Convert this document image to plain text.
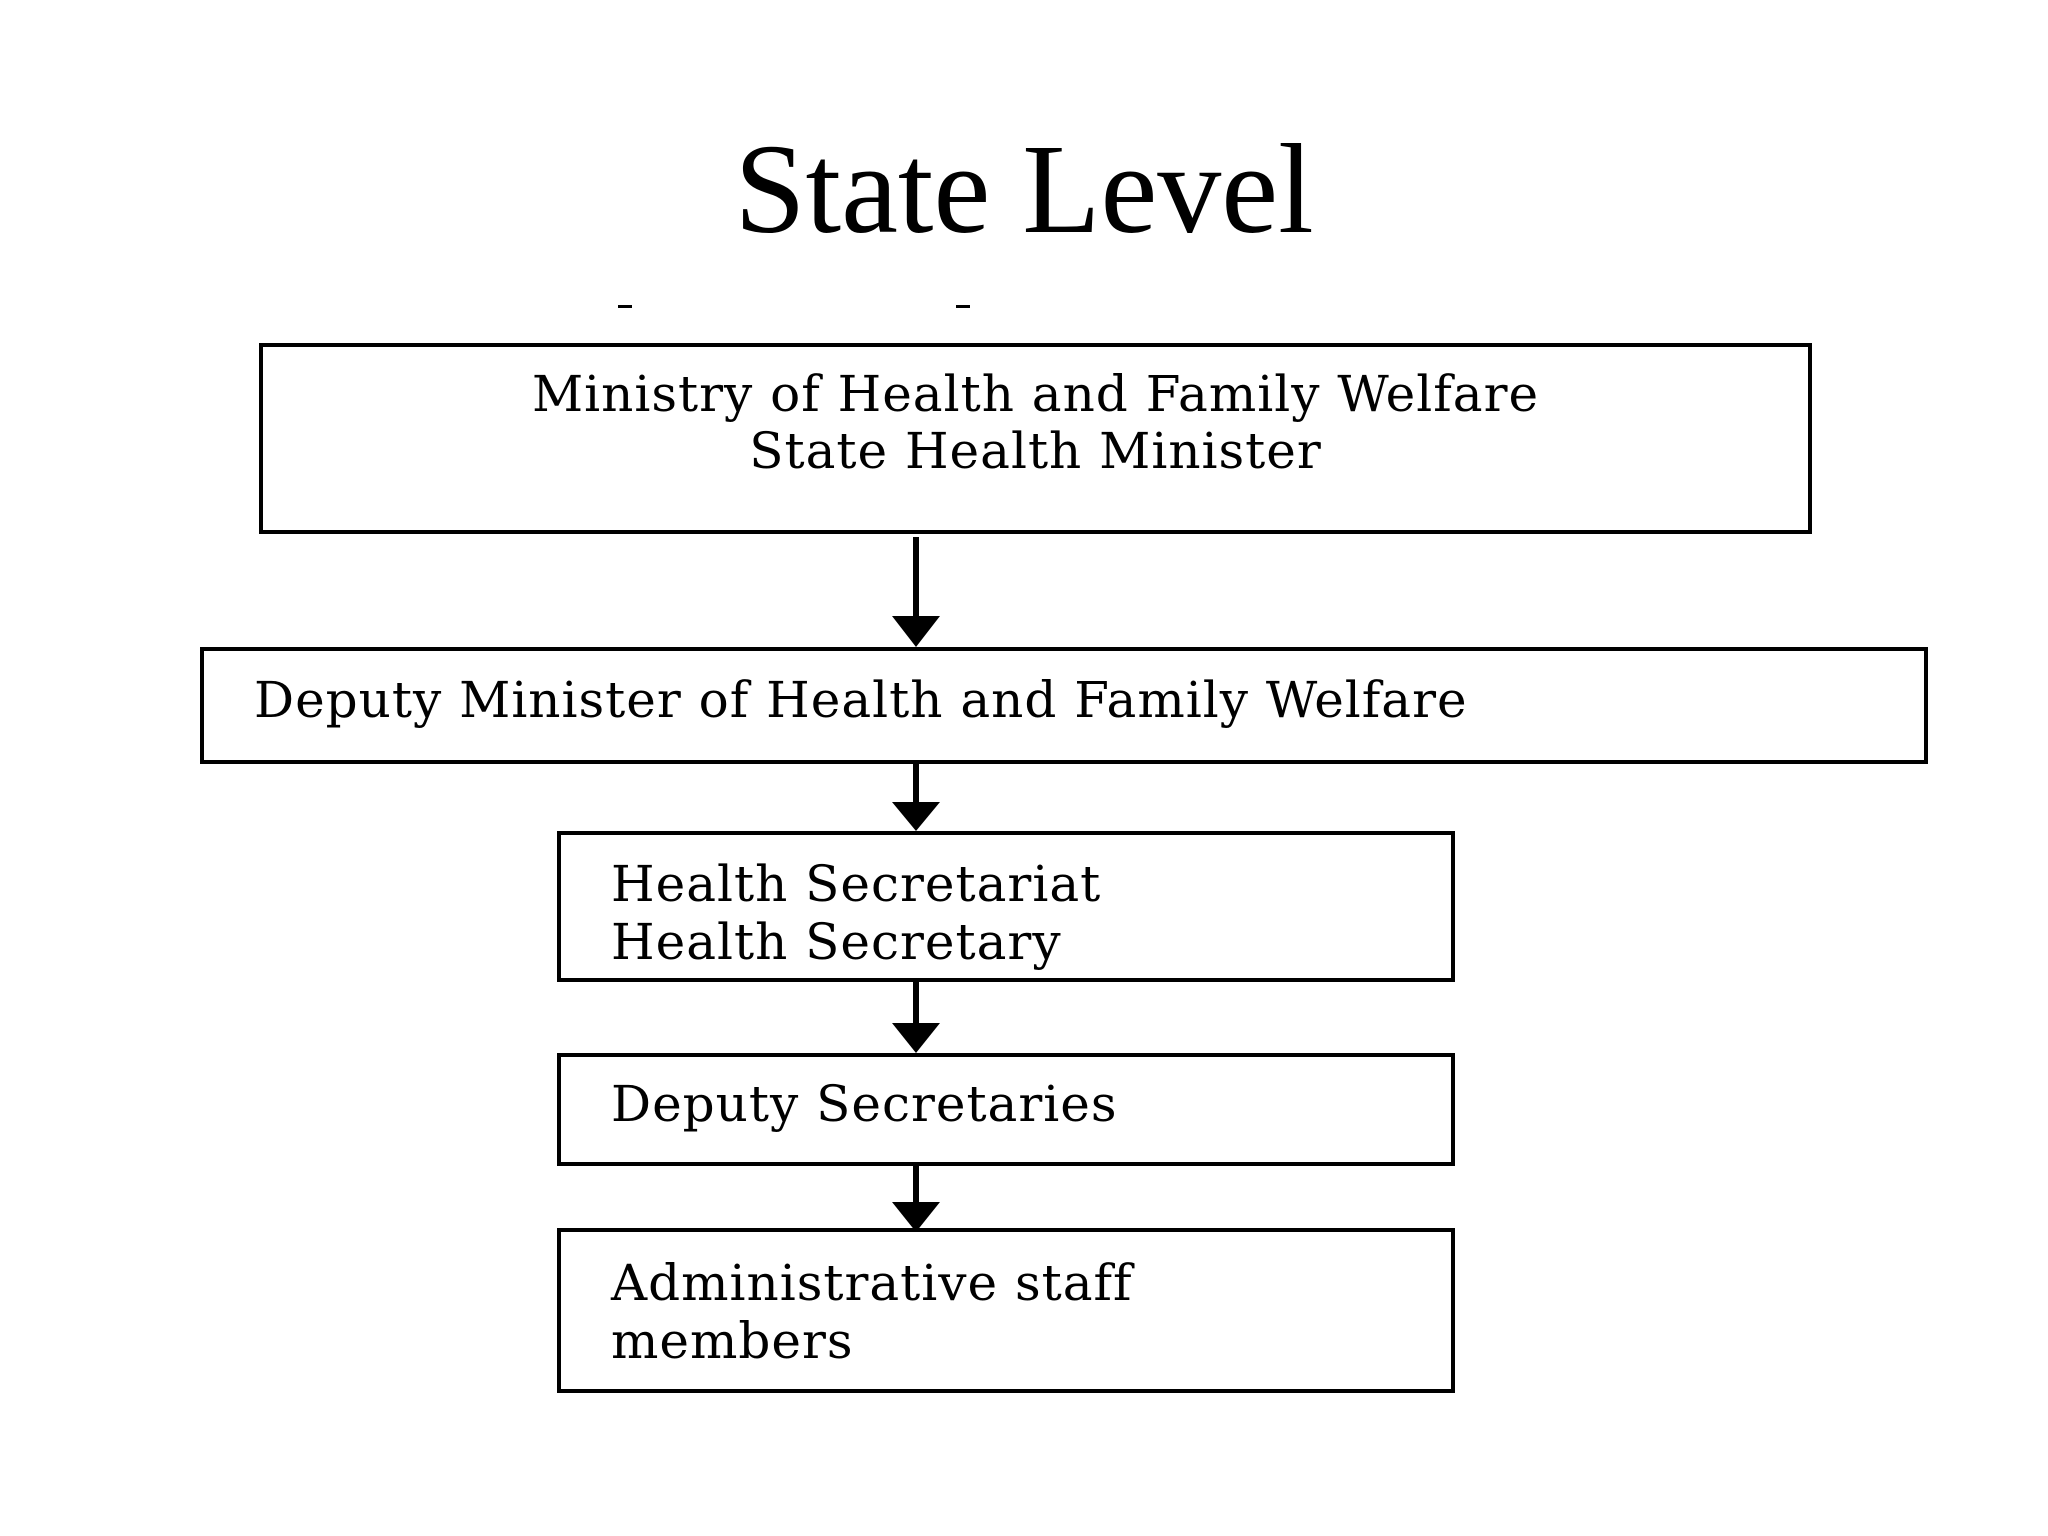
State Level
Ministry of Health and Family Welfare
State Health Minister
Deputy Minister of Health and Family Welfare
Health Secretariat
Health Secretary
Deputy Secretaries
Administrative staff
members
